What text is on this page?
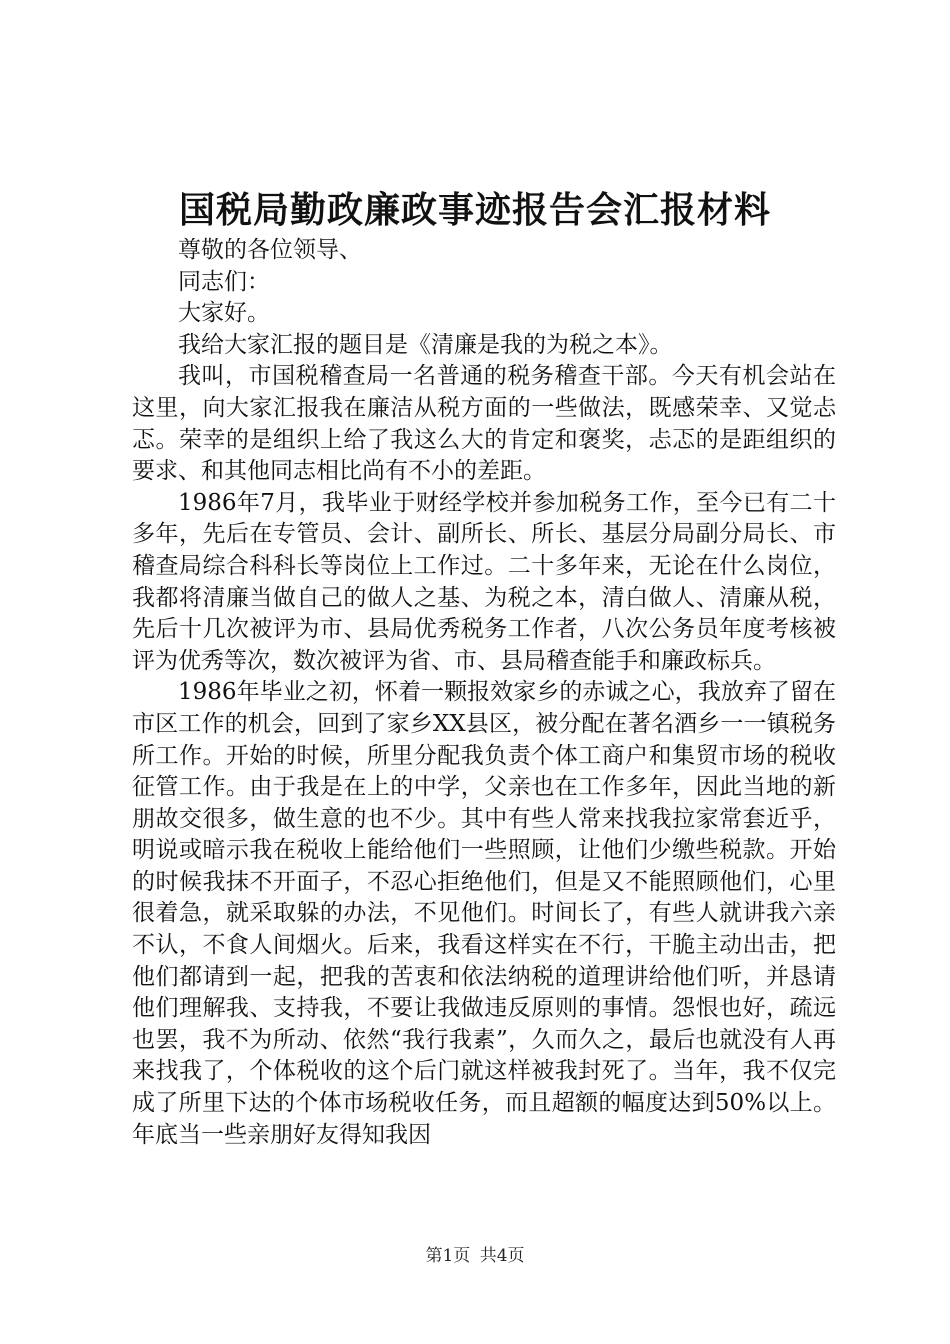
国税局勤政廉政事迹报告会汇报材料

尊敬的各位领导、

同志们：

大家好。

我给大家汇报的题目是《清廉是我的为税之本》。

我叫，市国税稽查局一名普通的税务稽查干部。今天有机会站在这里，向大家汇报我在廉洁从税方面的一些做法，既感荣幸、又觉忐忑。荣幸的是组织上给了我这么大的肯定和褒奖，忐忑的是距组织的要求、和其他同志相比尚有不小的差距。

1986年7月，我毕业于财经学校并参加税务工作，至今已有二十多年，先后在专管员、会计、副所长、所长、基层分局副分局长、市稽查局综合科科长等岗位上工作过。二十多年来，无论在什么岗位，我都将清廉当做自己的做人之基、为税之本，清白做人、清廉从税，先后十几次被评为市、县局优秀税务工作者，八次公务员年度考核被评为优秀等次，数次被评为省、市、县局稽查能手和廉政标兵。

1986年毕业之初，怀着一颗报效家乡的赤诚之心，我放弃了留在市区工作的机会，回到了家乡XX县区，被分配在著名酒乡一一镇税务所工作。开始的时候，所里分配我负责个体工商户和集贸市场的税收征管工作。由于我是在上的中学，父亲也在工作多年，因此当地的新朋故交很多，做生意的也不少。其中有些人常来找我拉家常套近乎，明说或暗示我在税收上能给他们一些照顾，让他们少缴些税款。开始的时候我抹不开面子，不忍心拒绝他们，但是又不能照顾他们，心里很着急，就采取躲的办法，不见他们。时间长了，有些人就讲我六亲不认，不食人间烟火。后来，我看这样实在不行，干脆主动出击，把他们都请到一起，把我的苦衷和依法纳税的道理讲给他们听，并恳请他们理解我、支持我，不要让我做违反原则的事情。怨恨也好，疏远也罢，我不为所动、依然“我行我素”，久而久之，最后也就没有人再来找我了，个体税收的这个后门就这样被我封死了。当年，我不仅完成了所里下达的个体市场税收任务，而且超额的幅度达到50%以上。年底当一些亲朋好友得知我因

第1页 共4页
